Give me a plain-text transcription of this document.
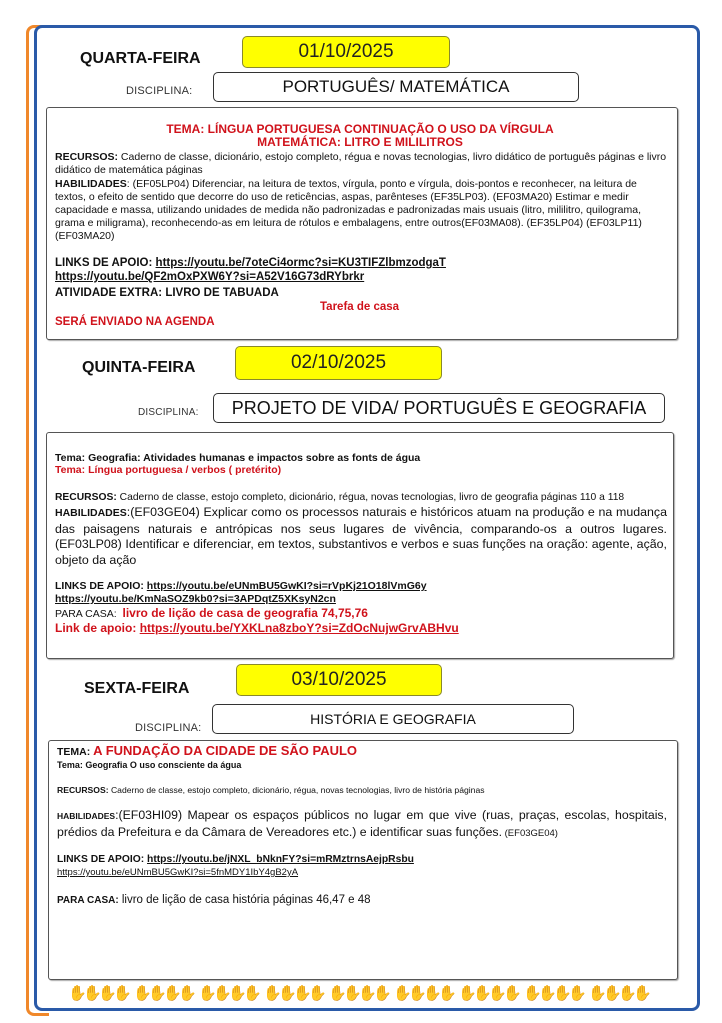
QUARTA-FEIRA	01/10/2025
DISCIPLINA:	PORTUGUÊS/ MATEMÁTICA
TEMA: LÍNGUA PORTUGUESA CONTINUAÇÃO O USO DA VÍRGULA
MATEMÁTICA: LITRO E MILILITROS
RECURSOS: Caderno de classe, dicionário, estojo completo, régua e novas tecnologias, livro didático de português páginas e livro didático de matemática páginas
HABILIDADES: (EF05LP04) Diferenciar, na leitura de textos, vírgula, ponto e vírgula, dois-pontos e reconhecer, na leitura de textos, o efeito de sentido que decorre do uso de reticências, aspas, parênteses (EF35LP03). (EF03MA20) Estimar e medir capacidade e massa, utilizando unidades de medida não padronizadas e padronizadas mais usuais (litro, mililitro, quilograma, grama e miligrama), reconhecendo-as em leitura de rótulos e embalagens, entre outros(EF03MA08). (EF35LP04) (EF03LP11) (EF03MA20)
LINKS DE APOIO: https://youtu.be/7oteCi4ormc?si=KU3TIFZlbmzodgaT
https://youtu.be/QF2mOxPXW6Y?si=A52V16G73dRYbrkr
ATIVIDADE EXTRA: LIVRO DE TABUADA
Tarefa de casa
SERÁ ENVIADO NA AGENDA
QUINTA-FEIRA	02/10/2025
DISCIPLINA:	PROJETO DE VIDA/ PORTUGUÊS E GEOGRAFIA
Tema: Geografia: Atividades humanas e impactos sobre as fonts de água
Tema: Língua portuguesa / verbos ( pretérito)
RECURSOS: Caderno de classe, estojo completo, dicionário, régua, novas tecnologias, livro de geografia páginas 110 a 118
HABILIDADES:(EF03GE04) Explicar como os processos naturais e históricos atuam na produção e na mudança das paisagens naturais e antrópicas nos seus lugares de vivência, comparando-os a outros lugares. (EF03LP08) Identificar e diferenciar, em textos, substantivos e verbos e suas funções na oração: agente, ação, objeto da ação
LINKS DE APOIO: https://youtu.be/eUNmBU5GwKI?si=rVpKj21O18lVmG6y
https://youtu.be/KmNaSOZ9kb0?si=3APDqtZ5XKsyN2cn
PARA CASA: livro de lição de casa de geografia 74,75,76
Link de apoio: https://youtu.be/YXKLna8zboY?si=ZdOcNujwGrvABHvu
SEXTA-FEIRA	03/10/2025
DISCIPLINA:
HISTÓRIA E GEOGRAFIA
TEMA: A FUNDAÇÃO DA CIDADE DE SÃO PAULO
Tema: Geografia O uso consciente da água
RECURSOS: Caderno de classe, estojo completo, dicionário, régua, novas tecnologias, livro de história páginas
HABILIDADES:(EF03HI09) Mapear os espaços públicos no lugar em que vive (ruas, praças, escolas, hospitais, prédios da Prefeitura e da Câmara de Vereadores etc.) e identificar suas funções. (EF03GE04)
LINKS DE APOIO: https://youtu.be/jNXL_bNknFY?si=mRMztrnsAejpRsbu
https://youtu.be/eUNmBU5GwKI?si=5fnMDY1IbY4gB2yA
PARA CASA: livro de lição de casa história páginas 46,47 e 48
✋
✋
✋
✋ ✋
✋
✋
✋ ✋
✋
✋
✋ ✋
✋
✋
✋ ✋
✋
✋
✋ ✋
✋
✋
✋ ✋
✋
✋
✋ ✋
✋
✋
✋ ✋
✋
✋
✋
